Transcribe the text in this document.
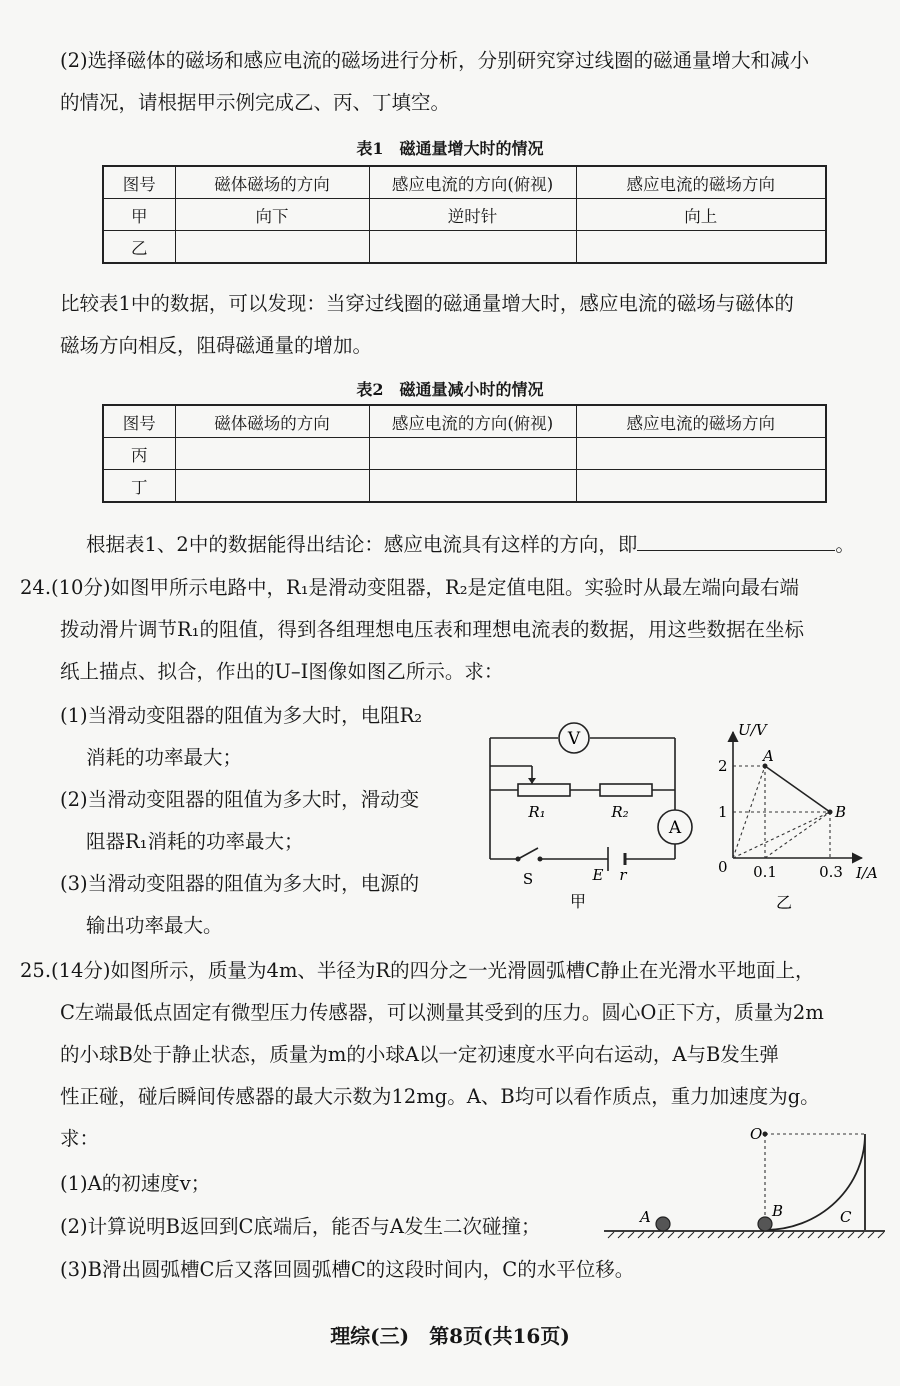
(2)选择磁体的磁场和感应电流的磁场进行分析，分别研究穿过线圈的磁通量增大和减小
的情况，请根据甲示例完成乙、丙、丁填空。
表1　磁通量增大时的情况
图号	磁体磁场的方向	感应电流的方向(俯视)	感应电流的磁场方向
甲	向下	逆时针	向上
乙			
比较表1中的数据，可以发现：当穿过线圈的磁通量增大时，感应电流的磁场与磁体的
磁场方向相反，阻碍磁通量的增加。
表2　磁通量减小时的情况
图号	磁体磁场的方向	感应电流的方向(俯视)	感应电流的磁场方向
丙			
丁			
根据表1、2中的数据能得出结论：感应电流具有这样的方向，即	。
24.(10分)如图甲所示电路中，R₁是滑动变阻器，R₂是定值电阻。实验时从最左端向最右端
拨动滑片调节R₁的阻值，得到各组理想电压表和理想电流表的数据，用这些数据在坐标
纸上描点、拟合，作出的U–I图像如图乙所示。求：
(1)当滑动变阻器的阻值为多大时，电阻R₂
消耗的功率最大；
(2)当滑动变阻器的阻值为多大时，滑动变
阻器R₁消耗的功率最大；
(3)当滑动变阻器的阻值为多大时，电源的
输出功率最大。
V
A
R₁	R₂
S	E r
甲
U/V
I/A
0
2
1
0.1	0.3
A
B
乙
25.(14分)如图所示，质量为4m、半径为R的四分之一光滑圆弧槽C静止在光滑水平地面上，
C左端最低点固定有微型压力传感器，可以测量其受到的压力。圆心O正下方，质量为2m
的小球B处于静止状态，质量为m的小球A以一定初速度水平向右运动，A与B发生弹
性正碰，碰后瞬间传感器的最大示数为12mg。A、B均可以看作质点，重力加速度为g。
求：
(1)A的初速度v；
(2)计算说明B返回到C底端后，能否与A发生二次碰撞；
(3)B滑出圆弧槽C后又落回圆弧槽C的这段时间内，C的水平位移。
O
A	B	C
理综(三)　第8页(共16页)
